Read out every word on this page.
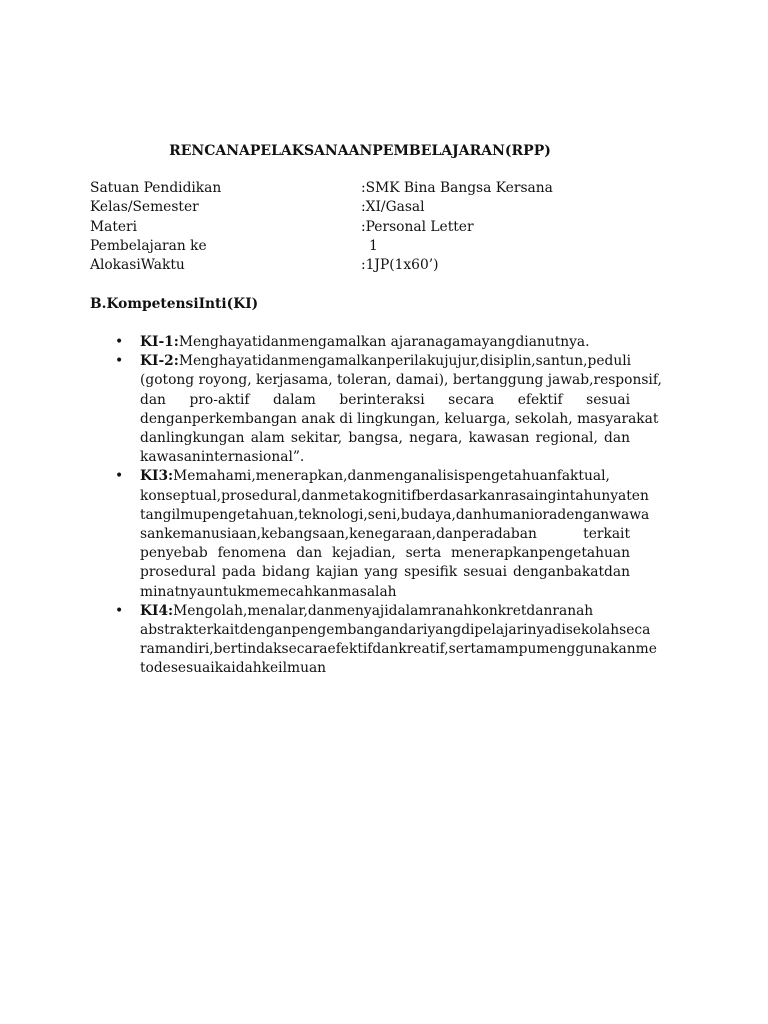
RENCANAPELAKSANAANPEMBELAJARAN(RPP)
Satuan Pendidikan	:SMK Bina Bangsa Kersana
Kelas/Semester	:XI/Gasal
Materi	:Personal Letter
Pembelajaran ke	1
AlokasiWaktu	:1JP(1x60’)
B.KompetensiInti(KI)
• KI-1:Menghayatidanmengamalkan ajaranagamayangdianutnya.
• KI-2:Menghayatidanmengamalkanperilakujujur,disiplin,santun,peduli
(gotong royong, kerjasama, toleran, damai), bertanggung jawab,responsif,
dan pro-aktif dalam berinteraksi secara efektif sesuai
denganperkembangan anak di lingkungan, keluarga, sekolah, masyarakat
danlingkungan alam sekitar, bangsa, negara, kawasan regional, dan
kawasaninternasional”.
• KI3:Memahami,menerapkan,danmenganalisispengetahuanfaktual,
konseptual,prosedural,danmetakognitifberdasarkanrasaingintahunyaten
tangilmupengetahuan,teknologi,seni,budaya,danhumanioradenganwawa
sankemanusiaan,kebangsaan,kenegaraan,danperadaban terkait
penyebab fenomena dan kejadian, serta menerapkanpengetahuan
prosedural pada bidang kajian yang spesifik sesuai denganbakatdan
minatnyauntukmemecahkanmasalah
• KI4:Mengolah,menalar,danmenyajidalamranahkonkretdanranah
abstrakterkaitdenganpengembangandariyangdipelajarinyadisekolahseca
ramandiri,bertindaksecaraefektifdankreatif,sertamampumenggunakanme
todesesuaikaidahkeilmuan
